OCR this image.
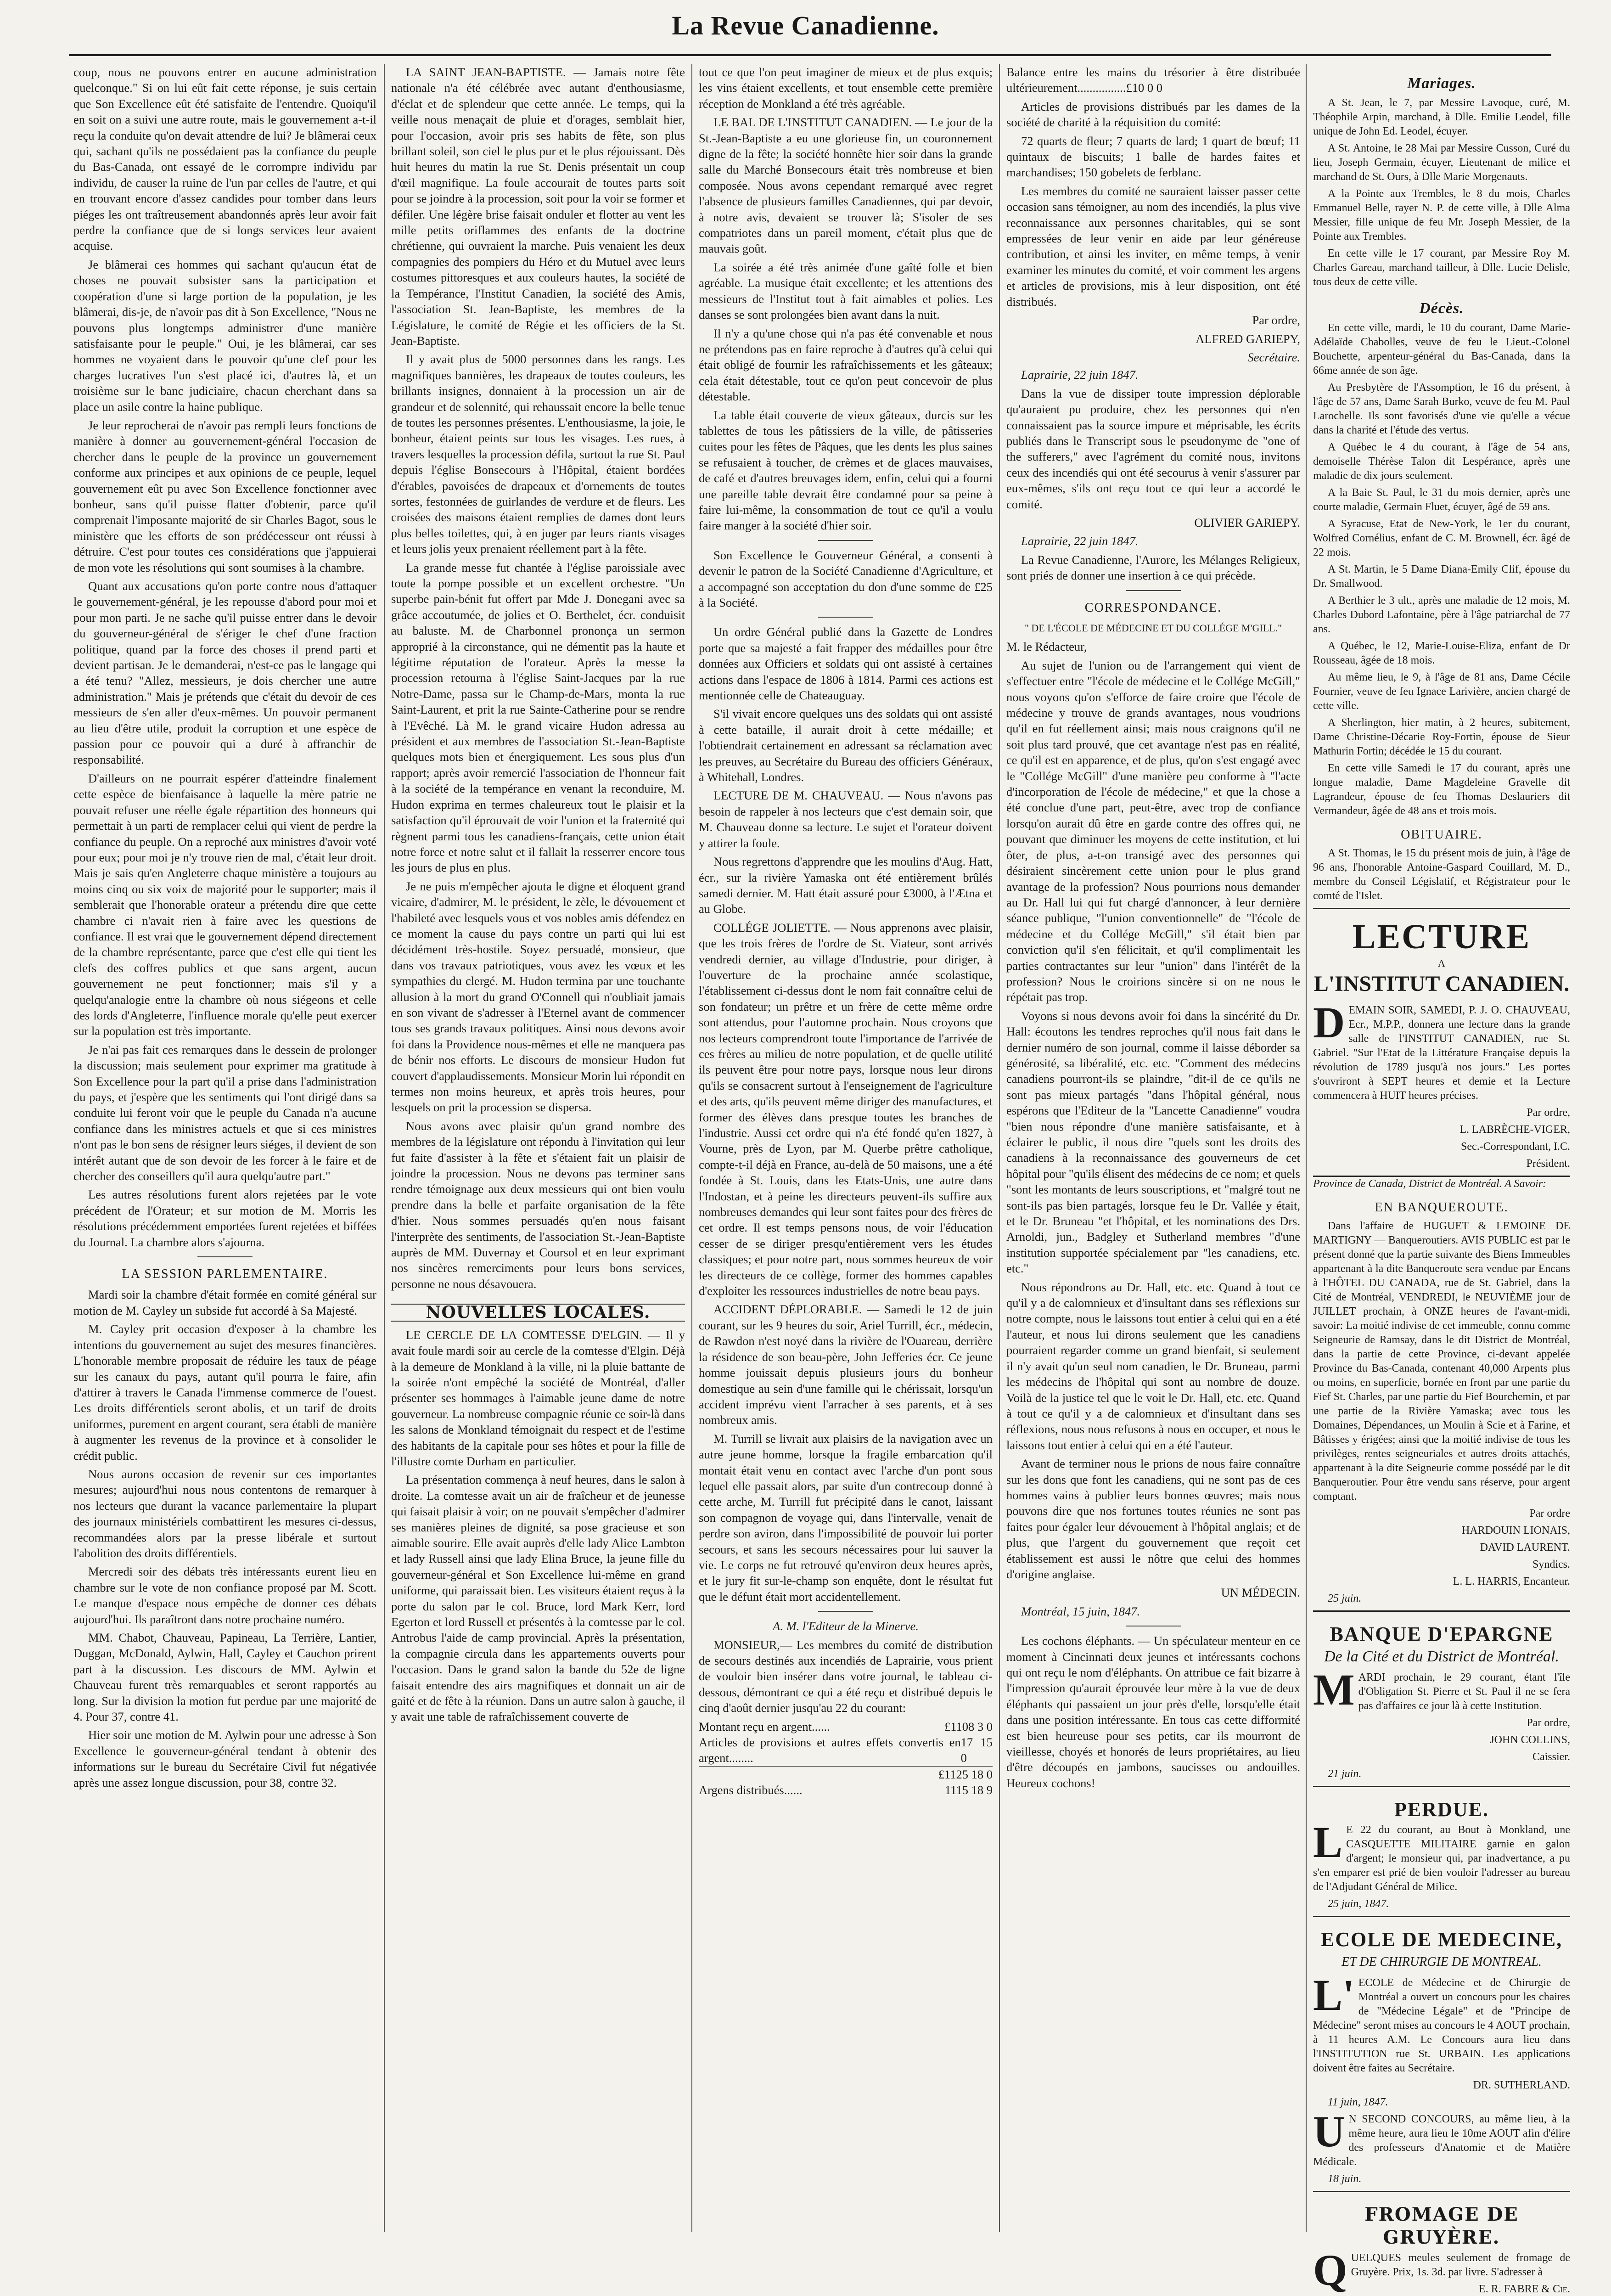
La Revue Canadienne.

coup, nous ne pouvons entrer en aucune administration quelconque." Si on lui eût fait cette réponse, je suis certain que Son Excellence eût été satisfaite de l'entendre. Quoiqu'il en soit on a suivi une autre route, mais le gouvernement a-t-il reçu la conduite qu'on devait attendre de lui? Je blâmerai ceux qui, sachant qu'ils ne possédaient pas la confiance du peuple du Bas-Canada, ont essayé de le corrompre individu par individu, de causer la ruine de l'un par celles de l'autre, et qui en trouvant encore d'assez candides pour tomber dans leurs piéges les ont traîtreusement abandonnés après leur avoir fait perdre la confiance que de si longs services leur avaient acquise.

Je blâmerai ces hommes qui sachant qu'aucun état de choses ne pouvait subsister sans la participation et coopération d'une si large portion de la population, je les blâmerai, dis-je, de n'avoir pas dit à Son Excellence, "Nous ne pouvons plus longtemps administrer d'une manière satisfaisante pour le peuple." Oui, je les blâmerai, car ses hommes ne voyaient dans le pouvoir qu'une clef pour les charges lucratives l'un s'est placé ici, d'autres là, et un troisième sur le banc judiciaire, chacun cherchant dans sa place un asile contre la haine publique.

Je leur reprocherai de n'avoir pas rempli leurs fonctions de manière à donner au gouvernement-général l'occasion de chercher dans le peuple de la province un gouvernement conforme aux principes et aux opinions de ce peuple, lequel gouvernement eût pu avec Son Excellence fonctionner avec bonheur, sans qu'il puisse flatter d'obtenir, parce qu'il comprenait l'imposante majorité de sir Charles Bagot, sous le ministère que les efforts de son prédécesseur ont réussi à détruire. C'est pour toutes ces considérations que j'appuierai de mon vote les résolutions qui sont soumises à la chambre.

Quant aux accusations qu'on porte contre nous d'attaquer le gouvernement-général, je les repousse d'abord pour moi et pour mon parti. Je ne sache qu'il puisse entrer dans le devoir du gouverneur-général de s'ériger le chef d'une fraction politique, quand par la force des choses il prend parti et devient partisan. Je le demanderai, n'est-ce pas le langage qui a été tenu? "Allez, messieurs, je dois chercher une autre administration." Mais je prétends que c'était du devoir de ces messieurs de s'en aller d'eux-mêmes. Un pouvoir permanent au lieu d'être utile, produit la corruption et une espèce de passion pour ce pouvoir qui a duré à affranchir de responsabilité.

D'ailleurs on ne pourrait espérer d'atteindre finalement cette espèce de bienfaisance à laquelle la mère patrie ne pouvait refuser une réelle égale répartition des honneurs qui permettait à un parti de remplacer celui qui vient de perdre la confiance du peuple. On a reproché aux ministres d'avoir voté pour eux; pour moi je n'y trouve rien de mal, c'était leur droit. Mais je sais qu'en Angleterre chaque ministère a toujours au moins cinq ou six voix de majorité pour le supporter; mais il semblerait que l'honorable orateur a prétendu dire que cette chambre ci n'avait rien à faire avec les questions de confiance. Il est vrai que le gouvernement dépend directement de la chambre représentante, parce que c'est elle qui tient les clefs des coffres publics et que sans argent, aucun gouvernement ne peut fonctionner; mais s'il y a quelqu'analogie entre la chambre où nous siégeons et celle des lords d'Angleterre, l'influence morale qu'elle peut exercer sur la population est très importante.

Je n'ai pas fait ces remarques dans le dessein de prolonger la discussion; mais seulement pour exprimer ma gratitude à Son Excellence pour la part qu'il a prise dans l'administration du pays, et j'espère que les sentiments qui l'ont dirigé dans sa conduite lui feront voir que le peuple du Canada n'a aucune confiance dans les ministres actuels et que si ces ministres n'ont pas le bon sens de résigner leurs siéges, il devient de son intérêt autant que de son devoir de les forcer à le faire et de chercher des conseillers qu'il aura quelqu'autre part."

Les autres résolutions furent alors rejetées par le vote précédent de l'Orateur; et sur motion de M. Morris les résolutions précédemment emportées furent rejetées et biffées du Journal. La chambre alors s'ajourna.

LA SESSION PARLEMENTAIRE.

Mardi soir la chambre d'était formée en comité général sur motion de M. Cayley un subside fut accordé à Sa Majesté.

M. Cayley prit occasion d'exposer à la chambre les intentions du gouvernement au sujet des mesures financières. L'honorable membre proposait de réduire les taux de péage sur les canaux du pays, autant qu'il pourra le faire, afin d'attirer à travers le Canada l'immense commerce de l'ouest. Les droits différentiels seront abolis, et un tarif de droits uniformes, purement en argent courant, sera établi de manière à augmenter les revenus de la province et à consolider le crédit public.

Nous aurons occasion de revenir sur ces importantes mesures; aujourd'hui nous nous contentons de remarquer à nos lecteurs que durant la vacance parlementaire la plupart des journaux ministériels combattirent les mesures ci-dessus, recommandées alors par la presse libérale et surtout l'abolition des droits différentiels.

Mercredi soir des débats très intéressants eurent lieu en chambre sur le vote de non confiance proposé par M. Scott. Le manque d'espace nous empêche de donner ces débats aujourd'hui. Ils paraîtront dans notre prochaine numéro.

MM. Chabot, Chauveau, Papineau, La Terrière, Lantier, Duggan, McDonald, Aylwin, Hall, Cayley et Cauchon prirent part à la discussion. Les discours de MM. Aylwin et Chauveau furent très remarquables et seront rapportés au long. Sur la division la motion fut perdue par une majorité de 4. Pour 37, contre 41.

Hier soir une motion de M. Aylwin pour une adresse à Son Excellence le gouverneur-général tendant à obtenir des informations sur le bureau du Secrétaire Civil fut négativée après une assez longue discussion, pour 38, contre 32.

LA SAINT JEAN-BAPTISTE. — Jamais notre fête nationale n'a été célébrée avec autant d'enthousiasme, d'éclat et de splendeur que cette année. Le temps, qui la veille nous menaçait de pluie et d'orages, semblait hier, pour l'occasion, avoir pris ses habits de fête, son plus brillant soleil, son ciel le plus pur et le plus réjouissant. Dès huit heures du matin la rue St. Denis présentait un coup d'œil magnifique. La foule accourait de toutes parts soit pour se joindre à la procession, soit pour la voir se former et défiler. Une légère brise faisait onduler et flotter au vent les mille petits oriflammes des enfants de la doctrine chrétienne, qui ouvraient la marche. Puis venaient les deux compagnies des pompiers du Héro et du Mutuel avec leurs costumes pittoresques et aux couleurs hautes, la société de la Tempérance, l'Institut Canadien, la société des Amis, l'association St. Jean-Baptiste, les membres de la Législature, le comité de Régie et les officiers de la St. Jean-Baptiste.

Il y avait plus de 5000 personnes dans les rangs. Les magnifiques bannières, les drapeaux de toutes couleurs, les brillants insignes, donnaient à la procession un air de grandeur et de solennité, qui rehaussait encore la belle tenue de toutes les personnes présentes. L'enthousiasme, la joie, le bonheur, étaient peints sur tous les visages. Les rues, à travers lesquelles la procession défila, surtout la rue St. Paul depuis l'église Bonsecours à l'Hôpital, étaient bordées d'érables, pavoisées de drapeaux et d'ornements de toutes sortes, festonnées de guirlandes de verdure et de fleurs. Les croisées des maisons étaient remplies de dames dont leurs plus belles toilettes, qui, à en juger par leurs riants visages et leurs jolis yeux prenaient réellement part à la fête.

La grande messe fut chantée à l'église paroissiale avec toute la pompe possible et un excellent orchestre. "Un superbe pain-bénit fut offert par Mde J. Donegani avec sa grâce accoutumée, de jolies et O. Berthelet, écr. conduisit au baluste. M. de Charbonnel prononça un sermon approprié à la circonstance, qui ne démentit pas la haute et légitime réputation de l'orateur. Après la messe la procession retourna à l'église Saint-Jacques par la rue Notre-Dame, passa sur le Champ-de-Mars, monta la rue Saint-Laurent, et prit la rue Sainte-Catherine pour se rendre à l'Evêché. Là M. le grand vicaire Hudon adressa au président et aux membres de l'association St.-Jean-Baptiste quelques mots bien et énergiquement. Les sous plus d'un rapport; après avoir remercié l'association de l'honneur fait à la société de la tempérance en venant la reconduire, M. Hudon exprima en termes chaleureux tout le plaisir et la satisfaction qu'il éprouvait de voir l'union et la fraternité qui règnent parmi tous les canadiens-français, cette union était notre force et notre salut et il fallait la resserrer encore tous les jours de plus en plus.

Je ne puis m'empêcher ajouta le digne et éloquent grand vicaire, d'admirer, M. le président, le zèle, le dévouement et l'habileté avec lesquels vous et vos nobles amis défendez en ce moment la cause du pays contre un parti qui lui est décidément très-hostile. Soyez persuadé, monsieur, que dans vos travaux patriotiques, vous avez les vœux et les sympathies du clergé. M. Hudon termina par une touchante allusion à la mort du grand O'Connell qui n'oubliait jamais en son vivant de s'adresser à l'Eternel avant de commencer tous ses grands travaux politiques. Ainsi nous devons avoir foi dans la Providence nous-mêmes et elle ne manquera pas de bénir nos efforts. Le discours de monsieur Hudon fut couvert d'applaudissements. Monsieur Morin lui répondit en termes non moins heureux, et après trois heures, pour lesquels on prit la procession se dispersa.

Nous avons avec plaisir qu'un grand nombre des membres de la législature ont répondu à l'invitation qui leur fut faite d'assister à la fête et s'étaient fait un plaisir de joindre la procession. Nous ne devons pas terminer sans rendre témoignage aux deux messieurs qui ont bien voulu prendre dans la belle et parfaite organisation de la fête d'hier. Nous sommes persuadés qu'en nous faisant l'interprète des sentiments, de l'association St.-Jean-Baptiste auprès de MM. Duvernay et Coursol et en leur exprimant nos sincères remerciments pour leurs bons services, personne ne nous désavouera.

NOUVELLES LOCALES.

LE CERCLE DE LA COMTESSE D'ELGIN. — Il y avait foule mardi soir au cercle de la comtesse d'Elgin. Déjà à la demeure de Monkland à la ville, ni la pluie battante de la soirée n'ont empêché la société de Montréal, d'aller présenter ses hommages à l'aimable jeune dame de notre gouverneur. La nombreuse compagnie réunie ce soir-là dans les salons de Monkland témoignait du respect et de l'estime des habitants de la capitale pour ses hôtes et pour la fille de l'illustre comte Durham en particulier.

La présentation commença à neuf heures, dans le salon à droite. La comtesse avait un air de fraîcheur et de jeunesse qui faisait plaisir à voir; on ne pouvait s'empêcher d'admirer ses manières pleines de dignité, sa pose gracieuse et son aimable sourire. Elle avait auprès d'elle lady Alice Lambton et lady Russell ainsi que lady Elina Bruce, la jeune fille du gouverneur-général et Son Excellence lui-même en grand uniforme, qui paraissait bien. Les visiteurs étaient reçus à la porte du salon par le col. Bruce, lord Mark Kerr, lord Egerton et lord Russell et présentés à la comtesse par le col. Antrobus l'aide de camp provincial. Après la présentation, la compagnie circula dans les appartements ouverts pour l'occasion. Dans le grand salon la bande du 52e de ligne faisait entendre des airs magnifiques et donnait un air de gaité et de fête à la réunion. Dans un autre salon à gauche, il y avait une table de rafraîchissement couverte de

tout ce que l'on peut imaginer de mieux et de plus exquis; les vins étaient excellents, et tout ensemble cette première réception de Monkland a été très agréable.

LE BAL DE L'INSTITUT CANADIEN. — Le jour de la St.-Jean-Baptiste a eu une glorieuse fin, un couronnement digne de la fête; la société honnête hier soir dans la grande salle du Marché Bonsecours était très nombreuse et bien composée. Nous avons cependant remarqué avec regret l'absence de plusieurs familles Canadiennes, qui par devoir, à notre avis, devaient se trouver là; S'isoler de ses compatriotes dans un pareil moment, c'était plus que de mauvais goût.

La soirée a été très animée d'une gaîté folle et bien agréable. La musique était excellente; et les attentions des messieurs de l'Institut tout à fait aimables et polies. Les danses se sont prolongées bien avant dans la nuit.

Il n'y a qu'une chose qui n'a pas été convenable et nous ne prétendons pas en faire reproche à d'autres qu'à celui qui était obligé de fournir les rafraîchissements et les gâteaux; cela était détestable, tout ce qu'on peut concevoir de plus détestable.

La table était couverte de vieux gâteaux, durcis sur les tablettes de tous les pâtissiers de la ville, de pâtisseries cuites pour les fêtes de Pâques, que les dents les plus saines se refusaient à toucher, de crèmes et de glaces mauvaises, de café et d'autres breuvages idem, enfin, celui qui a fourni une pareille table devrait être condamné pour sa peine à faire lui-même, la consommation de tout ce qu'il a voulu faire manger à la société d'hier soir.

Son Excellence le Gouverneur Général, a consenti à devenir le patron de la Société Canadienne d'Agriculture, et a accompagné son acceptation du don d'une somme de £25 à la Société.

Un ordre Général publié dans la Gazette de Londres porte que sa majesté a fait frapper des médailles pour être données aux Officiers et soldats qui ont assisté à certaines actions dans l'espace de 1806 à 1814. Parmi ces actions est mentionnée celle de Chateauguay.

S'il vivait encore quelques uns des soldats qui ont assisté à cette bataille, il aurait droit à cette médaille; et l'obtiendrait certainement en adressant sa réclamation avec les preuves, au Secrétaire du Bureau des officiers Généraux, à Whitehall, Londres.

LECTURE DE M. CHAUVEAU. — Nous n'avons pas besoin de rappeler à nos lecteurs que c'est demain soir, que M. Chauveau donne sa lecture. Le sujet et l'orateur doivent y attirer la foule.

Nous regrettons d'apprendre que les moulins d'Aug. Hatt, écr., sur la rivière Yamaska ont été entièrement brûlés samedi dernier. M. Hatt était assuré pour £3000, à l'Ætna et au Globe.

COLLÉGE JOLIETTE. — Nous apprenons avec plaisir, que les trois frères de l'ordre de St. Viateur, sont arrivés vendredi dernier, au village d'Industrie, pour diriger, à l'ouverture de la prochaine année scolastique, l'établissement ci-dessus dont le nom fait connaître celui de son fondateur; un prêtre et un frère de cette même ordre sont attendus, pour l'automne prochain. Nous croyons que nos lecteurs comprendront toute l'importance de l'arrivée de ces frères au milieu de notre population, et de quelle utilité ils peuvent être pour notre pays, lorsque nous leur dirons qu'ils se consacrent surtout à l'enseignement de l'agriculture et des arts, qu'ils peuvent même diriger des manufactures, et former des élèves dans presque toutes les branches de l'industrie. Aussi cet ordre qui n'a été fondé qu'en 1827, à Vourne, près de Lyon, par M. Querbe prêtre catholique, compte-t-il déjà en France, au-delà de 50 maisons, une a été fondée à St. Louis, dans les Etats-Unis, une autre dans l'Indostan, et à peine les directeurs peuvent-ils suffire aux nombreuses demandes qui leur sont faites pour des frères de cet ordre. Il est temps pensons nous, de voir l'éducation cesser de se diriger presqu'entièrement vers les études classiques; et pour notre part, nous sommes heureux de voir les directeurs de ce collège, former des hommes capables d'exploiter les ressources industrielles de notre beau pays.

ACCIDENT DÉPLORABLE. — Samedi le 12 de juin courant, sur les 9 heures du soir, Ariel Turrill, écr., médecin, de Rawdon n'est noyé dans la rivière de l'Ouareau, derrière la résidence de son beau-père, John Jefferies écr. Ce jeune homme jouissait depuis plusieurs jours du bonheur domestique au sein d'une famille qui le chérissait, lorsqu'un accident imprévu vient l'arracher à ses parents, et à ses nombreux amis.

M. Turrill se livrait aux plaisirs de la navigation avec un autre jeune homme, lorsque la fragile embarcation qu'il montait était venu en contact avec l'arche d'un pont sous lequel elle passait alors, par suite d'un contrecoup donné à cette arche, M. Turrill fut précipité dans le canot, laissant son compagnon de voyage qui, dans l'intervalle, venait de perdre son aviron, dans l'impossibilité de pouvoir lui porter secours, et sans les secours nécessaires pour lui sauver la vie. Le corps ne fut retrouvé qu'environ deux heures après, et le jury fit sur-le-champ son enquête, dont le résultat fut que le défunt était mort accidentellement.

A. M. l'Editeur de la Minerve.

MONSIEUR,— Les membres du comité de distribution de secours destinés aux incendiés de Laprairie, vous prient de vouloir bien insérer dans votre journal, le tableau ci-dessous, démontrant ce qui a été reçu et distribué depuis le cinq d'août dernier jusqu'au 22 du courant:

Montant reçu en argent......	£1108 3 0
Articles de provisions et autres effets convertis en argent........
17 15 0
£1125 18 0
Argens distribués......	1115 18 9

Balance entre les mains du trésorier à être distribuée ultérieurement................£10 0 0

Articles de provisions distribués par les dames de la société de charité à la réquisition du comité:

72 quarts de fleur; 7 quarts de lard; 1 quart de bœuf; 11 quintaux de biscuits; 1 balle de hardes faites et marchandises; 150 gobelets de ferblanc.

Les membres du comité ne sauraient laisser passer cette occasion sans témoigner, au nom des incendiés, la plus vive reconnaissance aux personnes charitables, qui se sont empressées de leur venir en aide par leur généreuse contribution, et ainsi les inviter, en même temps, à venir examiner les minutes du comité, et voir comment les argens et articles de provisions, mis à leur disposition, ont été distribués.

Par ordre,

ALFRED GARIEPY,

Secrétaire.

Laprairie, 22 juin 1847.

Dans la vue de dissiper toute impression déplorable qu'auraient pu produire, chez les personnes qui n'en connaissaient pas la source impure et méprisable, les écrits publiés dans le Transcript sous le pseudonyme de "one of the sufferers," avec l'agrément du comité nous, invitons ceux des incendiés qui ont été secourus à venir s'assurer par eux-mêmes, s'ils ont reçu tout ce qui leur a accordé le comité.

OLIVIER GARIEPY.

Laprairie, 22 juin 1847.

La Revue Canadienne, l'Aurore, les Mélanges Religieux, sont priés de donner une insertion à ce qui précède.

CORRESPONDANCE.

" DE L'ÉCOLE DE MÉDECINE ET DU COLLÉGE M'GILL."

M. le Rédacteur,

Au sujet de l'union ou de l'arrangement qui vient de s'effectuer entre "l'école de médecine et le Collége McGill," nous voyons qu'on s'efforce de faire croire que l'école de médecine y trouve de grands avantages, nous voudrions qu'il en fut réellement ainsi; mais nous craignons qu'il ne soit plus tard prouvé, que cet avantage n'est pas en réalité, ce qu'il est en apparence, et de plus, qu'on s'est engagé avec le "Collége McGill" d'une manière peu conforme à "l'acte d'incorporation de l'école de médecine," et que la chose a été conclue d'une part, peut-être, avec trop de confiance lorsqu'on aurait dû être en garde contre des offres qui, ne pouvant que diminuer les moyens de cette institution, et lui ôter, de plus, a-t-on transigé avec des personnes qui désiraient sincèrement cette union pour le plus grand avantage de la profession? Nous pourrions nous demander au Dr. Hall lui qui fut chargé d'annoncer, à leur dernière séance publique, "l'union conventionnelle" de "l'école de médecine et du Collége McGill," s'il était bien par conviction qu'il s'en félicitait, et qu'il complimentait les parties contractantes sur leur "union" dans l'intérêt de la profession? Nous le croirions sincère si on ne nous le répétait pas trop.

Voyons si nous devons avoir foi dans la sincérité du Dr. Hall: écoutons les tendres reproches qu'il nous fait dans le dernier numéro de son journal, comme il laisse déborder sa générosité, sa libéralité, etc. etc. "Comment des médecins canadiens pourront-ils se plaindre, "dit-il de ce qu'ils ne sont pas mieux partagés "dans l'hôpital général, nous espérons que l'Editeur de la "Lancette Canadienne" voudra "bien nous répondre d'une manière satisfaisante, et à éclairer le public, il nous dire "quels sont les droits des canadiens à la reconnaissance des gouverneurs de cet hôpital pour "qu'ils élisent des médecins de ce nom; et quels "sont les montants de leurs souscriptions, et "malgré tout ne sont-ils pas bien partagés, lorsque feu le Dr. Vallée y était, et le Dr. Bruneau "et l'hôpital, et les nominations des Drs. Arnoldi, jun., Badgley et Sutherland membres "d'une institution supportée spécialement par "les canadiens, etc. etc."

Nous répondrons au Dr. Hall, etc. etc. Quand à tout ce qu'il y a de calomnieux et d'insultant dans ses réflexions sur notre compte, nous le laissons tout entier à celui qui en a été l'auteur, et nous lui dirons seulement que les canadiens pourraient regarder comme un grand bienfait, si seulement il n'y avait qu'un seul nom canadien, le Dr. Bruneau, parmi les médecins de l'hôpital qui sont au nombre de douze. Voilà de la justice tel que le voit le Dr. Hall, etc. etc. Quand à tout ce qu'il y a de calomnieux et d'insultant dans ses réflexions, nous nous refusons à nous en occuper, et nous le laissons tout entier à celui qui en a été l'auteur.

Avant de terminer nous le prions de nous faire connaître sur les dons que font les canadiens, qui ne sont pas de ces hommes vains à publier leurs bonnes œuvres; mais nous pouvons dire que nos fortunes toutes réunies ne sont pas faites pour égaler leur dévouement à l'hôpital anglais; et de plus, que l'argent du gouvernement que reçoit cet établissement est aussi le nôtre que celui des hommes d'origine anglaise.

UN MÉDECIN.

Montréal, 15 juin, 1847.

Les cochons éléphants. — Un spéculateur menteur en ce moment à Cincinnati deux jeunes et intéressants cochons qui ont reçu le nom d'éléphants. On attribue ce fait bizarre à l'impression qu'aurait éprouvée leur mère à la vue de deux éléphants qui passaient un jour près d'elle, lorsqu'elle était dans une position intéressante. En tous cas cette difformité est bien heureuse pour ses petits, car ils mourront de vieillesse, choyés et honorés de leurs propriétaires, au lieu d'être découpés en jambons, saucisses ou andouilles. Heureux cochons!

Mariages.

A St. Jean, le 7, par Messire Lavoque, curé, M. Théophile Arpin, marchand, à Dlle. Emilie Leodel, fille unique de John Ed. Leodel, écuyer.

A St. Antoine, le 28 Mai par Messire Cusson, Curé du lieu, Joseph Germain, écuyer, Lieutenant de milice et marchand de St. Ours, à Dlle Marie Morgenauts.

A la Pointe aux Trembles, le 8 du mois, Charles Emmanuel Belle, rayer N. P. de cette ville, à Dlle Alma Messier, fille unique de feu Mr. Joseph Messier, de la Pointe aux Trembles.

En cette ville le 17 courant, par Messire Roy M. Charles Gareau, marchand tailleur, à Dlle. Lucie Delisle, tous deux de cette ville.

Décès.

En cette ville, mardi, le 10 du courant, Dame Marie-Adélaïde Chabolles, veuve de feu le Lieut.-Colonel Bouchette, arpenteur-général du Bas-Canada, dans la 66me année de son âge.

Au Presbytère de l'Assomption, le 16 du présent, à l'âge de 57 ans, Dame Sarah Burko, veuve de feu M. Paul Larochelle. Ils sont favorisés d'une vie qu'elle a vécue dans la charité et l'étude des vertus.

A Québec le 4 du courant, à l'âge de 54 ans, demoiselle Thérèse Talon dit Lespérance, après une maladie de dix jours seulement.

A la Baie St. Paul, le 31 du mois dernier, après une courte maladie, Germain Fluet, écuyer, âgé de 59 ans.

A Syracuse, Etat de New-York, le 1er du courant, Wolfred Cornélius, enfant de C. M. Brownell, écr. âgé de 22 mois.

A St. Martin, le 5 Dame Diana-Emily Clif, épouse du Dr. Smallwood.

A Berthier le 3 ult., après une maladie de 12 mois, M. Charles Dubord Lafontaine, père à l'âge patriarchal de 77 ans.

A Québec, le 12, Marie-Louise-Eliza, enfant de Dr Rousseau, âgée de 18 mois.

Au même lieu, le 9, à l'âge de 81 ans, Dame Cécile Fournier, veuve de feu Ignace Larivière, ancien chargé de cette ville.

A Sherlington, hier matin, à 2 heures, subitement, Dame Christine-Décarie Roy-Fortin, épouse de Sieur Mathurin Fortin; décédée le 15 du courant.

En cette ville Samedi le 17 du courant, après une longue maladie, Dame Magdeleine Gravelle dit Lagrandeur, épouse de feu Thomas Deslauriers dit Vermandeur, âgée de 48 ans et trois mois.

OBITUAIRE.

A St. Thomas, le 15 du présent mois de juin, à l'âge de 96 ans, l'honorable Antoine-Gaspard Couillard, M. D., membre du Conseil Législatif, et Régistrateur pour le comté de l'Islet.

LECTURE
A
L'INSTITUT CANADIEN.

DEMAIN SOIR, SAMEDI, P. J. O. CHAUVEAU, Ecr., M.P.P., donnera une lecture dans la grande salle de l'INSTITUT CANADIEN, rue St. Gabriel. "Sur l'Etat de la Littérature Française depuis la révolution de 1789 jusqu'à nos jours." Les portes s'ouvriront à SEPT heures et demie et la Lecture commencera à HUIT heures précises.

Par ordre,

L. LABRÈCHE-VIGER,

Sec.-Correspondant, I.C.

Président.

Province de Canada, District de Montréal. A Savoir:

EN BANQUEROUTE.

Dans l'affaire de HUGUET & LEMOINE DE MARTIGNY — Banqueroutiers. AVIS PUBLIC est par le présent donné que la partie suivante des Biens Immeubles appartenant à la dite Banqueroute sera vendue par Encans à l'HÔTEL DU CANADA, rue de St. Gabriel, dans la Cité de Montréal, VENDREDI, le NEUVIÈME jour de JUILLET prochain, à ONZE heures de l'avant-midi, savoir: La moitié indivise de cet immeuble, connu comme Seigneurie de Ramsay, dans le dit District de Montréal, dans la partie de cette Province, ci-devant appelée Province du Bas-Canada, contenant 40,000 Arpents plus ou moins, en superficie, bornée en front par une partie du Fief St. Charles, par une partie du Fief Bourchemin, et par une partie de la Rivière Yamaska; avec tous les Domaines, Dépendances, un Moulin à Scie et à Farine, et Bâtisses y érigées; ainsi que la moitié indivise de tous les privilèges, rentes seigneuriales et autres droits attachés, appartenant à la dite Seigneurie comme possédé par le dit Banqueroutier. Pour être vendu sans réserve, pour argent comptant.

Par ordre

HARDOUIN LIONAIS,

DAVID LAURENT.

Syndics.

L. L. HARRIS, Encanteur.

25 juin.

BANQUE D'EPARGNE
De la Cité et du District de Montréal.

MARDI prochain, le 29 courant, étant l'île d'Obligation St. Pierre et St. Paul il ne se fera pas d'affaires ce jour là à cette Institution.

Par ordre,

JOHN COLLINS,

Caissier.

21 juin.

PERDUE.

LE 22 du courant, au Bout à Monkland, une CASQUETTE MILITAIRE garnie en galon d'argent; le monsieur qui, par inadvertance, a pu s'en emparer est prié de bien vouloir l'adresser au bureau de l'Adjudant Général de Milice.

25 juin, 1847.

ECOLE DE MEDECINE,
ET DE CHIRURGIE DE MONTREAL.

L'ECOLE de Médecine et de Chirurgie de Montréal a ouvert un concours pour les chaires de "Médecine Légale" et de "Principe de Médecine" seront mises au concours le 4 AOUT prochain, à 11 heures A.M. Le Concours aura lieu dans l'INSTITUTION rue St. URBAIN. Les applications doivent être faites au Secrétaire.

DR. SUTHERLAND.

11 juin, 1847.

UN SECOND CONCOURS, au même lieu, à la même heure, aura lieu le 10me AOUT afin d'élire des professeurs d'Anatomie et de Matière Médicale.

18 juin.

FROMAGE DE GRUYÈRE.

QUELQUES meules seulement de fromage de Gruyère. Prix, 1s. 3d. par livre. S'adresser à

E. R. FABRE & Cie.
